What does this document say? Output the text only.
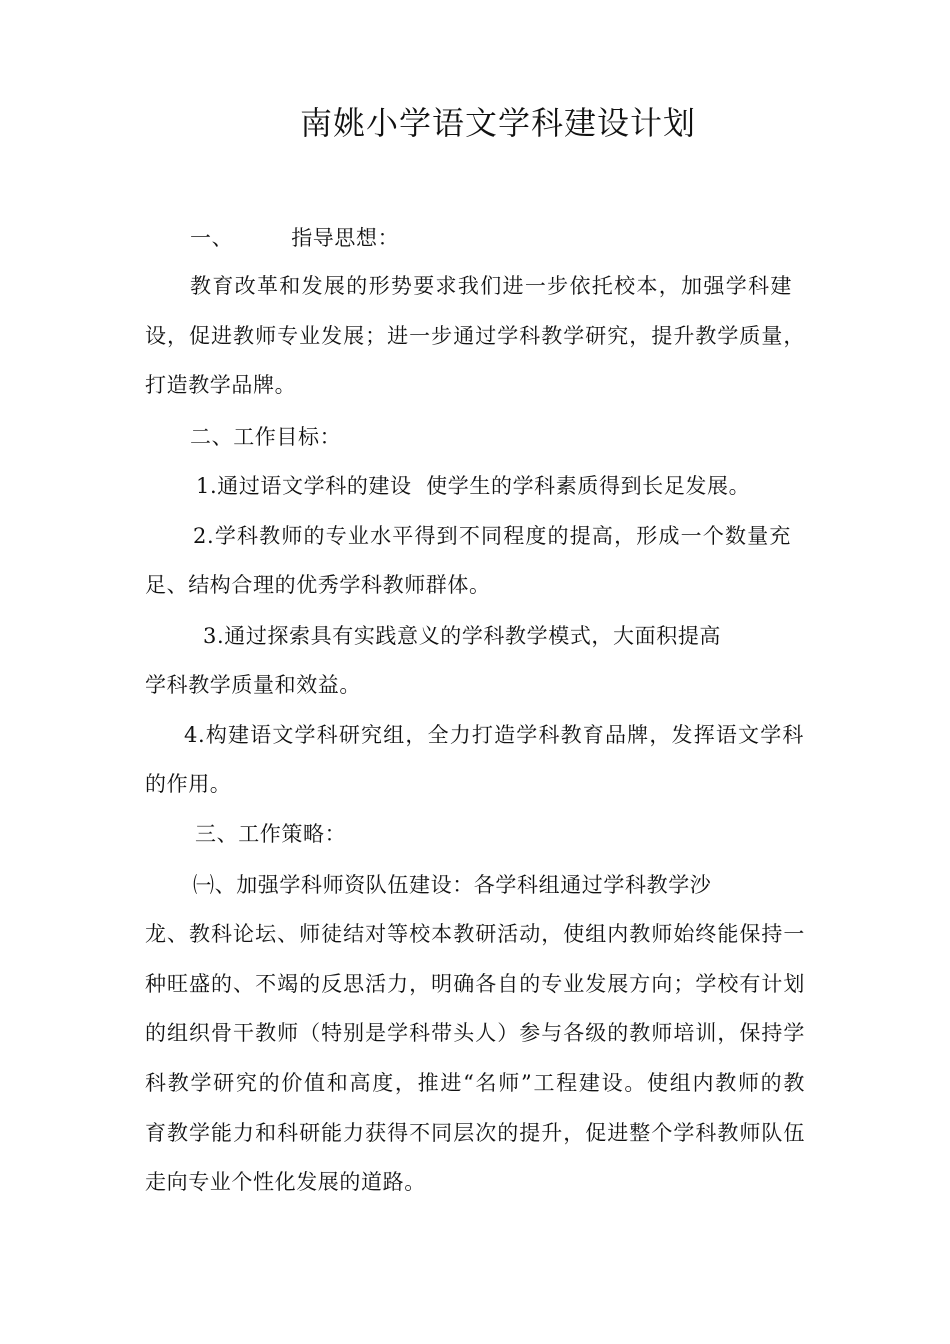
南姚小学语文学科建设计划
一、	指导思想：
教育改革和发展的形势要求我们进一步依托校本，加强学科建
设，促进教师专业发展；进一步通过学科教学研究，提升教学质量，
打造教学品牌。
二、工作目标：
1.通过语文学科的建设  使学生的学科素质得到长足发展。
2.学科教师的专业水平得到不同程度的提高，形成一个数量充
足、结构合理的优秀学科教师群体。
3.通过探索具有实践意义的学科教学模式，大面积提高
学科教学质量和效益。
4.构建语文学科研究组，全力打造学科教育品牌，发挥语文学科
的作用。
三、工作策略：
㈠、加强学科师资队伍建设：各学科组通过学科教学沙
龙、教科论坛、师徒结对等校本教研活动，使组内教师始终能保持一
种旺盛的、不竭的反思活力，明确各自的专业发展方向；学校有计划
的组织骨干教师（特别是学科带头人）参与各级的教师培训，保持学
科教学研究的价值和高度，推进“名师”工程建设。使组内教师的教
育教学能力和科研能力获得不同层次的提升，促进整个学科教师队伍
走向专业个性化发展的道路。
